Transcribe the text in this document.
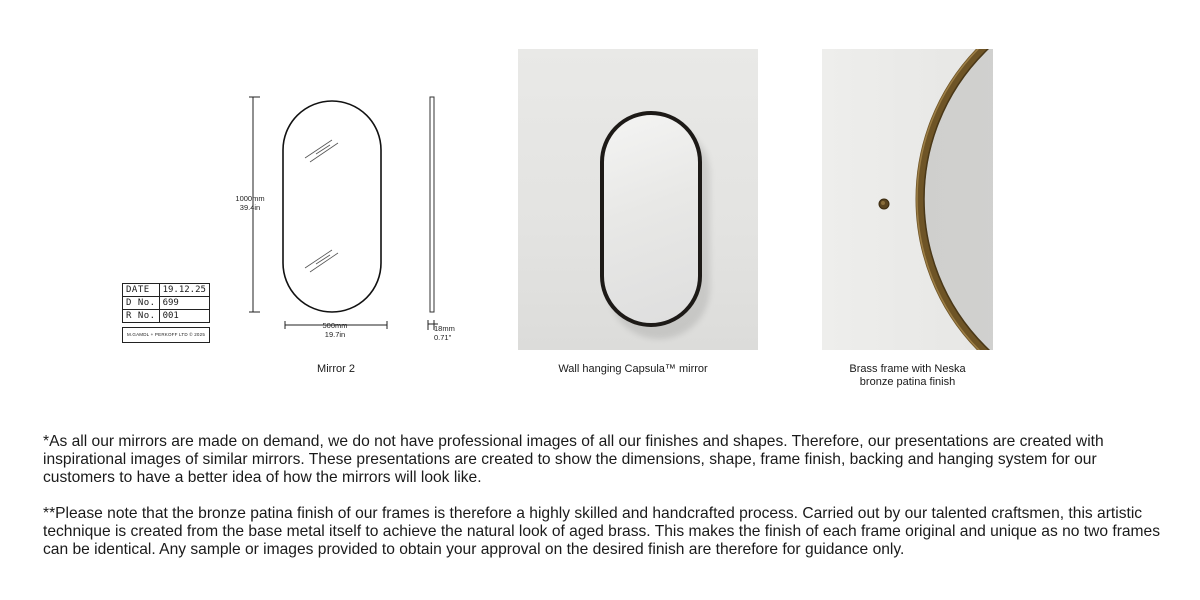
1000mm
39.4in
500mm
19.7in
18mm
0.71"
DATE	19.12.25
D No.	699
R No.	001
M.GAMDL + PERKOFF LTD © 2025
Mirror 2	Wall hanging Capsula™ mirror	Brass frame with Neska
bronze patina finish

*As all our mirrors are made on demand, we do not have professional images of all our finishes and shapes. Therefore, our presentations are created with inspirational images of similar mirrors. These presentations are created to show the dimensions, shape, frame finish, backing and hanging system for our customers to have a better idea of how the mirrors will look like.

**Please note that the bronze patina finish of our frames is therefore a highly skilled and handcrafted process. Carried out by our talented craftsmen, this artistic technique is created from the base metal itself to achieve the natural look of aged brass. This makes the finish of each frame original and unique as no two frames can be identical. Any sample or images provided to obtain your approval on the desired finish are therefore for guidance only.
